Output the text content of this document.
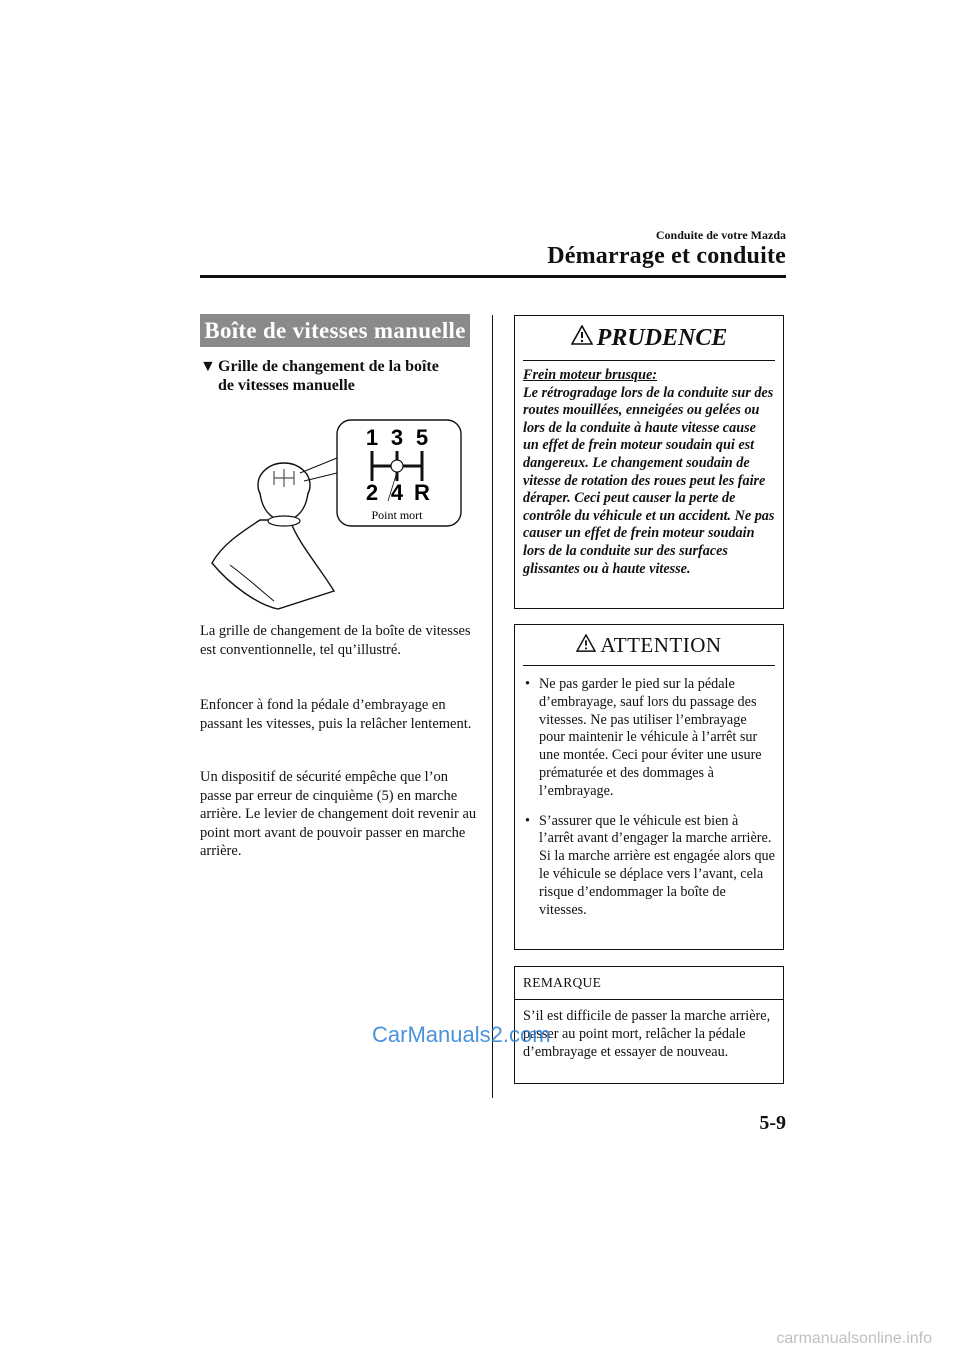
Conduite de votre Mazda
Démarrage et conduite
Boîte de vitesses manuelle
▼ Grille de changement de la boîte
de vitesses manuelle
1 3 5
2 4 R
Point mort

La grille de changement de la boîte de vitesses est conventionnelle, tel qu’illustré.

Enfoncer à fond la pédale d’embrayage en passant les vitesses, puis la relâcher lentement.

Un dispositif de sécurité empêche que l’on passe par erreur de cinquième (5) en marche arrière. Le levier de changement doit revenir au point mort avant de pouvoir passer en marche arrière.

PRUDENCE
Frein moteur brusque:
Le rétrogradage lors de la conduite sur des routes mouillées, enneigées ou gelées ou lors de la conduite à haute vitesse cause un effet de frein moteur soudain qui est dangereux. Le changement soudain de vitesse de rotation des roues peut les faire déraper. Ceci peut causer la perte de contrôle du véhicule et un accident. Ne pas causer un effet de frein moteur soudain lors de la conduite sur des surfaces glissantes ou à haute vitesse.
ATTENTION
• Ne pas garder le pied sur la pédale d’embrayage, sauf lors du passage des vitesses. Ne pas utiliser l’embrayage pour maintenir le véhicule à l’arrêt sur une montée. Ceci pour éviter une usure prématurée et des dommages à l’embrayage.
• S’assurer que le véhicule est bien à l’arrêt avant d’engager la marche arrière.
Si la marche arrière est engagée alors que le véhicule se déplace vers l’avant, cela risque d’endommager la boîte de vitesses.
REMARQUE
S’il est difficile de passer la marche arrière, passer au point mort, relâcher la pédale d’embrayage et essayer de nouveau.
5-9
CarManuals2.com
carmanualsonline.info
